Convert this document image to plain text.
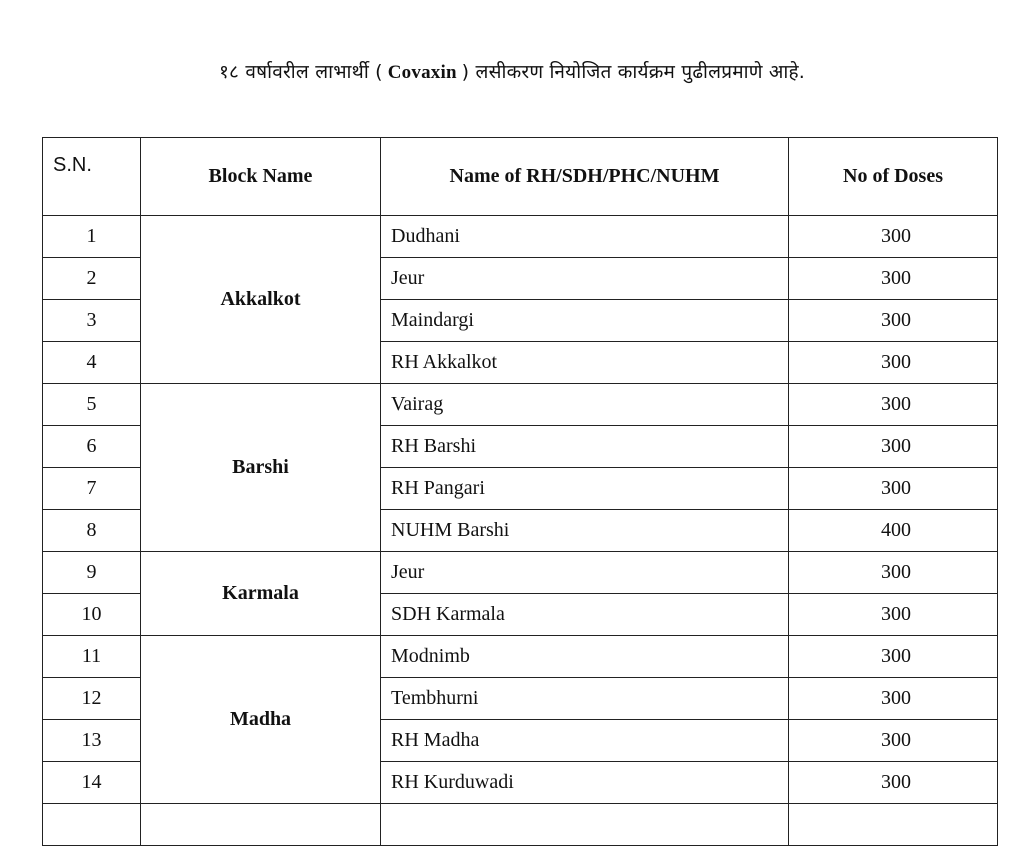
१८ वर्षावरील लाभार्थी ( Covaxin ) लसीकरण नियोजित कार्यक्रम पुढीलप्रमाणे आहे.
S.N.	Block Name	Name of RH/SDH/PHC/NUHM	No of Doses
1	Akkalkot	Dudhani	300
2		Jeur	300
3		Maindargi	300
4		RH Akkalkot	300
5	Barshi	Vairag	300
6		RH Barshi	300
7		RH Pangari	300
8		NUHM Barshi	400
9	Karmala	Jeur	300
10		SDH Karmala	300
11	Madha	Modnimb	300
12		Tembhurni	300
13		RH Madha	300
14		RH Kurduwadi	300
